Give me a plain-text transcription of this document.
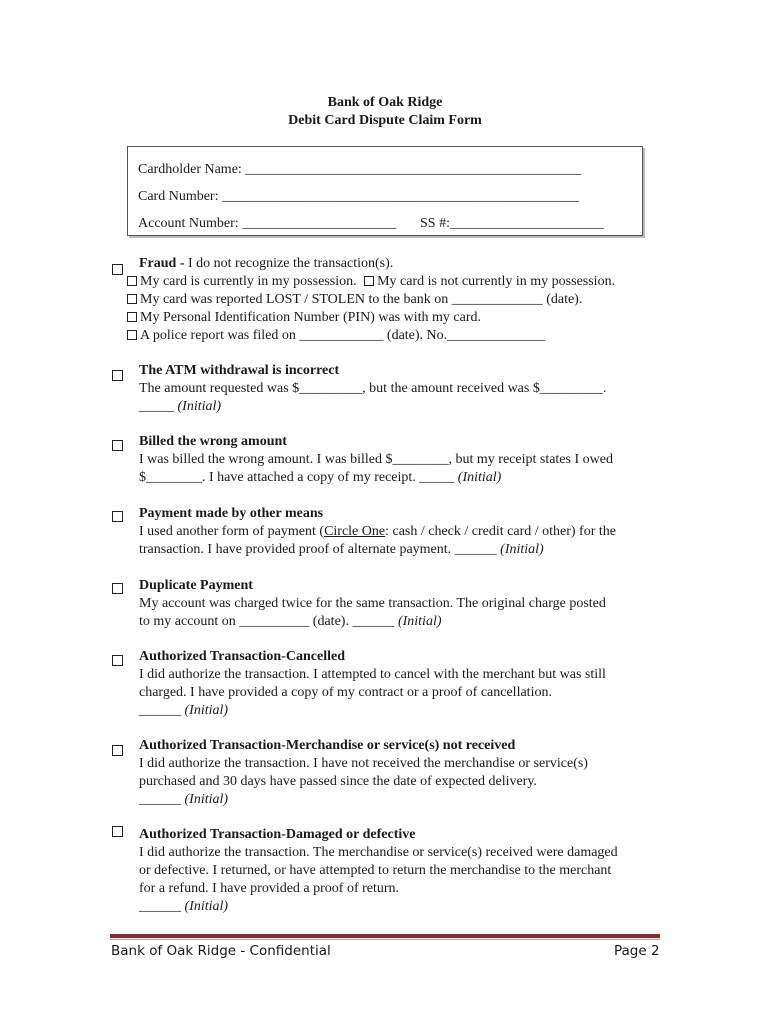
Bank of Oak Ridge
Debit Card Dispute Claim Form
Cardholder Name: ________________________________________________
Card Number: ___________________________________________________
Account Number: ______________________ SS #:______________________
Fraud - I do not recognize the transaction(s).
My card is currently in my possession. My card is not currently in my possession.
My card was reported LOST / STOLEN to the bank on _____________ (date).
My Personal Identification Number (PIN) was with my card.
A police report was filed on ____________ (date). No.______________
The ATM withdrawal is incorrect
The amount requested was $_________, but the amount received was $_________.
_____ (Initial)
Billed the wrong amount
I was billed the wrong amount. I was billed $________, but my receipt states I owed
$________. I have attached a copy of my receipt. _____ (Initial)
Payment made by other means
I used another form of payment (Circle One: cash / check / credit card / other) for the
transaction. I have provided proof of alternate payment. ______ (Initial)
Duplicate Payment
My account was charged twice for the same transaction. The original charge posted
to my account on __________ (date). ______ (Initial)
Authorized Transaction-Cancelled
I did authorize the transaction. I attempted to cancel with the merchant but was still
charged. I have provided a copy of my contract or a proof of cancellation.
______ (Initial)
Authorized Transaction-Merchandise or service(s) not received
I did authorize the transaction. I have not received the merchandise or service(s)
purchased and 30 days have passed since the date of expected delivery.
______ (Initial)
Authorized Transaction-Damaged or defective
I did authorize the transaction. The merchandise or service(s) received were damaged
or defective. I returned, or have attempted to return the merchandise to the merchant
for a refund. I have provided a proof of return.
______ (Initial)
Bank of Oak Ridge - Confidential	Page 2
